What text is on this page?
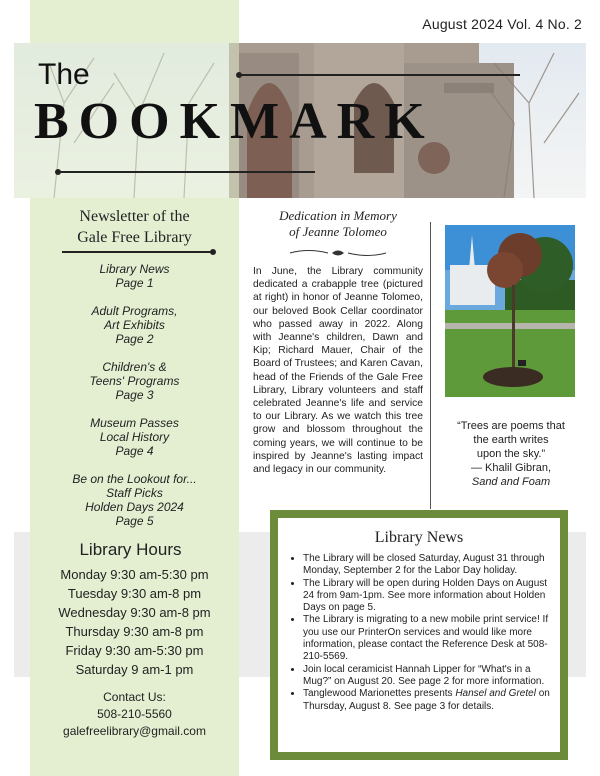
August 2024 Vol. 4 No. 2
The
BOOKMARK
Newsletter of the
Gale Free Library
Library News
Page 1
Adult Programs,
Art Exhibits
Page 2
Children's &
Teens' Programs
Page 3
Museum Passes
Local History
Page 4
Be on the Lookout for...
Staff Picks
Holden Days 2024
Page 5
Library Hours
Monday 9:30 am-5:30 pm
Tuesday 9:30 am-8 pm
Wednesday 9:30 am-8 pm
Thursday 9:30 am-8 pm
Friday 9:30 am-5:30 pm
Saturday 9 am-1 pm
Contact Us:
508-210-5560
galefreelibrary@gmail.com
Dedication in Memory
of Jeanne Tolomeo
In June, the Library community dedicated a crabapple tree (pictured at right) in honor of Jeanne Tolomeo, our beloved Book Cellar coordinator who passed away in 2022. Along with Jeanne's children, Dawn and Kip; Richard Mauer, Chair of the Board of Trustees; and Karen Cavan, head of the Friends of the Gale Free Library, Library volunteers and staff celebrated Jeanne's life and service to our Library. As we watch this tree grow and blossom throughout the coming years, we will continue to be inspired by Jeanne's lasting impact and legacy in our community.
“Trees are poems that
the earth writes
upon the sky.”
— Khalil Gibran,
Sand and Foam
Library News
• The Library will be closed Saturday, August 31 through Monday, September 2 for the Labor Day holiday.
• The Library will be open during Holden Days on August 24 from 9am-1pm. See more information about Holden Days on page 5.
• The Library is migrating to a new mobile print service! If you use our PrinterOn services and would like more information, please contact the Reference Desk at 508-210-5569.
• Join local ceramicist Hannah Lipper for “What's in a Mug?” on August 20. See page 2 for more information.
• Tanglewood Marionettes presents Hansel and Gretel on Thursday, August 8. See page 3 for details.
